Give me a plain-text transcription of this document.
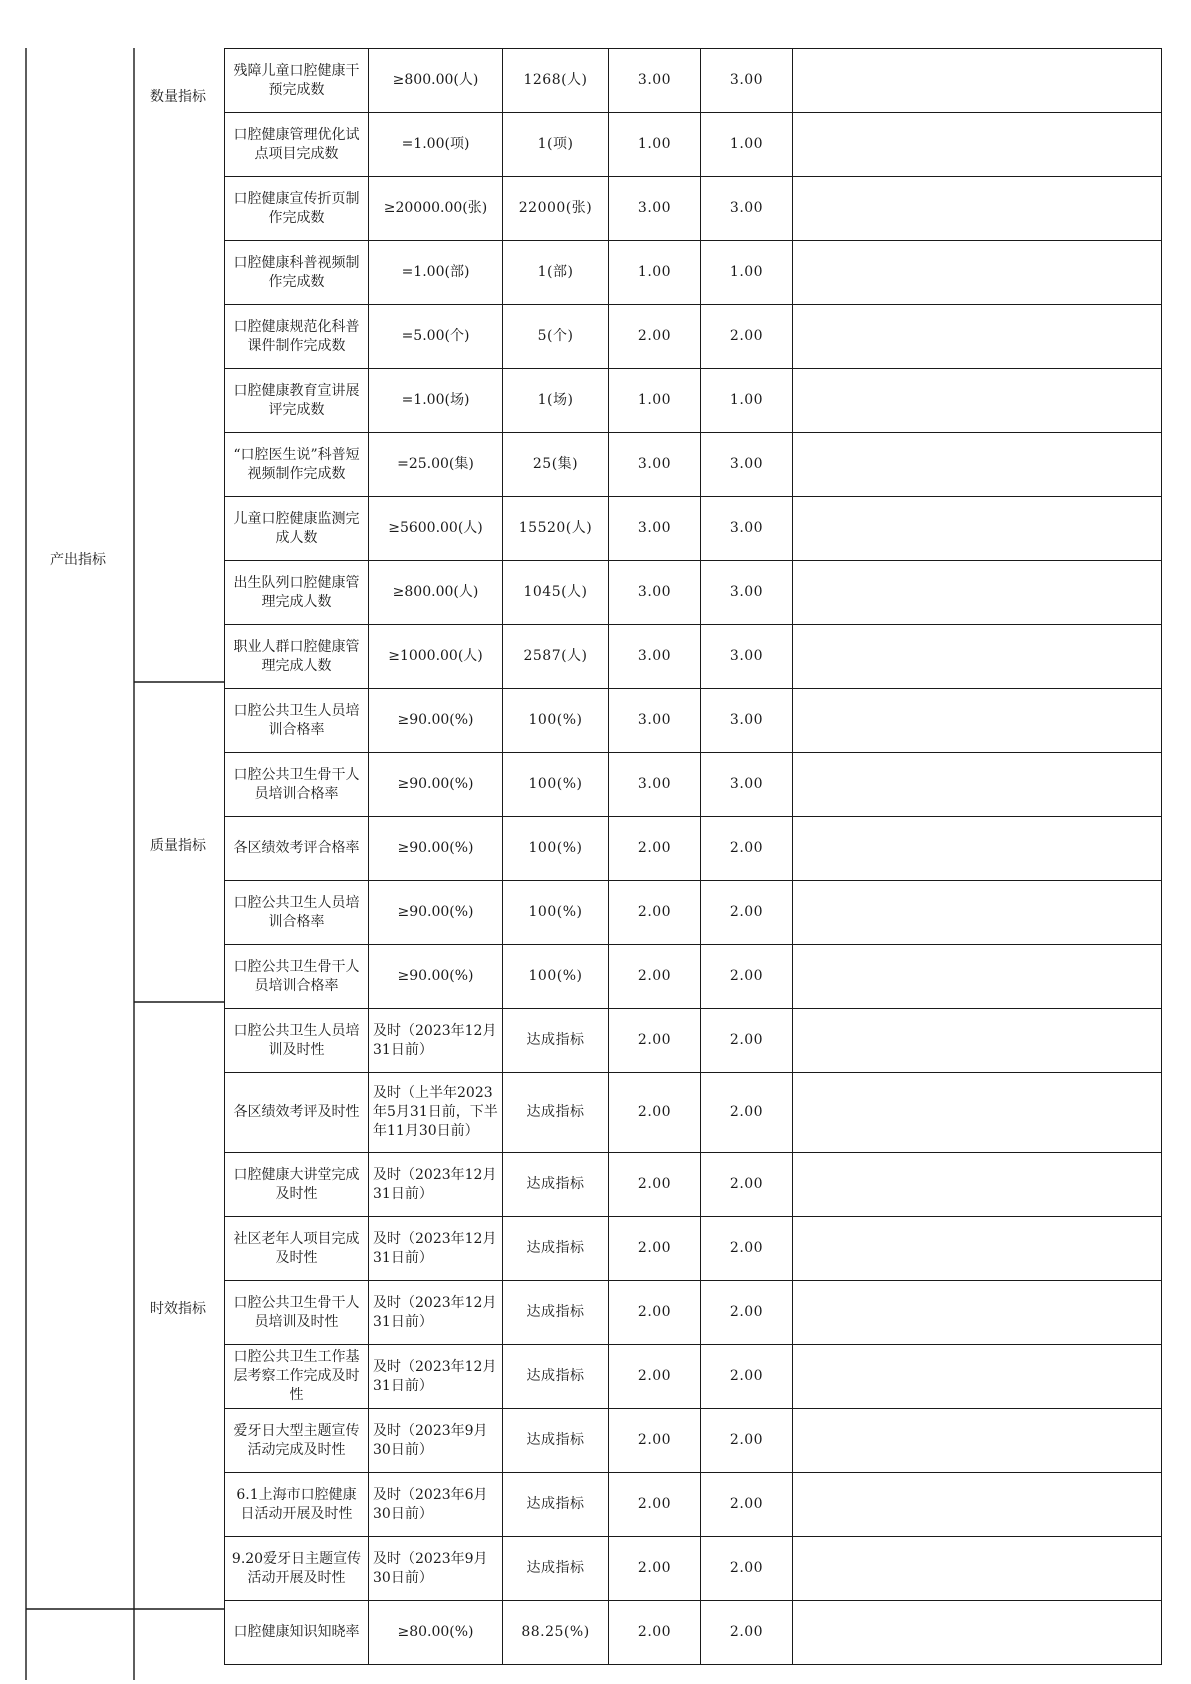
产出指标
数量指标
质量指标
时效指标
残障儿童口腔健康干预完成数	≥800.00(人)	1268(人)	3.00	3.00	
口腔健康管理优化试点项目完成数	=1.00(项)	1(项)	1.00	1.00	
口腔健康宣传折页制作完成数	≥20000.00(张)	22000(张)	3.00	3.00	
口腔健康科普视频制作完成数	=1.00(部)	1(部)	1.00	1.00	
口腔健康规范化科普课件制作完成数	=5.00(个)	5(个)	2.00	2.00	
口腔健康教育宣讲展评完成数	=1.00(场)	1(场)	1.00	1.00	
“口腔医生说”科普短视频制作完成数	=25.00(集)	25(集)	3.00	3.00	
儿童口腔健康监测完成人数	≥5600.00(人)	15520(人)	3.00	3.00	
出生队列口腔健康管理完成人数	≥800.00(人)	1045(人)	3.00	3.00	
职业人群口腔健康管理完成人数	≥1000.00(人)	2587(人)	3.00	3.00	
口腔公共卫生人员培训合格率	≥90.00(%)	100(%)	3.00	3.00	
口腔公共卫生骨干人员培训合格率	≥90.00(%)	100(%)	3.00	3.00	
各区绩效考评合格率	≥90.00(%)	100(%)	2.00	2.00	
口腔公共卫生人员培训合格率	≥90.00(%)	100(%)	2.00	2.00	
口腔公共卫生骨干人员培训合格率	≥90.00(%)	100(%)	2.00	2.00	
口腔公共卫生人员培训及时性	及时（2023年12月31日前）	达成指标	2.00	2.00	
各区绩效考评及时性	及时（上半年2023年5月31日前，下半年11月30日前）	达成指标	2.00	2.00	
口腔健康大讲堂完成及时性	及时（2023年12月31日前）	达成指标	2.00	2.00	
社区老年人项目完成及时性	及时（2023年12月31日前）	达成指标	2.00	2.00	
口腔公共卫生骨干人员培训及时性	及时（2023年12月31日前）	达成指标	2.00	2.00	
口腔公共卫生工作基层考察工作完成及时性	及时（2023年12月31日前）	达成指标	2.00	2.00	
爱牙日大型主题宣传活动完成及时性	及时（2023年9月30日前）	达成指标	2.00	2.00	
6.1上海市口腔健康日活动开展及时性	及时（2023年6月30日前）	达成指标	2.00	2.00	
9.20爱牙日主题宣传活动开展及时性	及时（2023年9月30日前）	达成指标	2.00	2.00	
口腔健康知识知晓率	≥80.00(%)	88.25(%)	2.00	2.00	
